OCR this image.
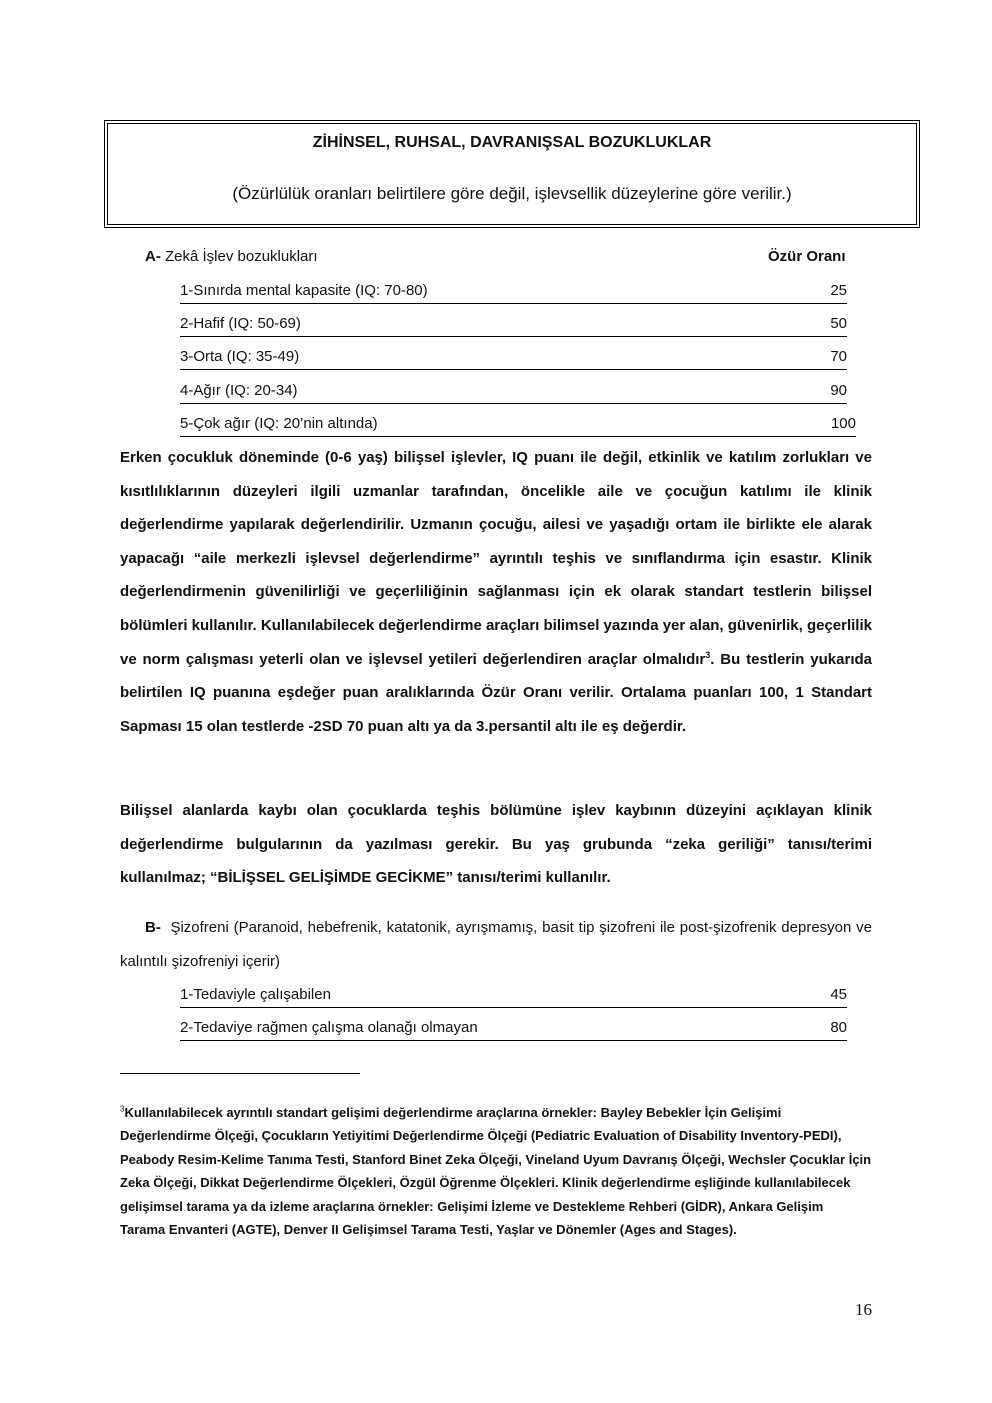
ZİHİNSEL, RUHSAL, DAVRANIŞSAL BOZUKLUKLAR
(Özürlülük oranları belirtilere göre değil, işlevsellik düzeylerine göre verilir.)
A- Zekâ İşlev bozuklukları	Özür Oranı
1-Sınırda mental kapasite (IQ: 70-80)	25
2-Hafif (IQ: 50-69)	50
3-Orta (IQ: 35-49)	70
4-Ağır (IQ: 20-34)	90
5-Çok ağır (IQ: 20’nin altında)	100
Erken çocukluk döneminde (0-6 yaş) bilişsel işlevler, IQ puanı ile değil, etkinlik ve katılım zorlukları ve kısıtlılıklarının düzeyleri ilgili uzmanlar tarafından, öncelikle aile ve çocuğun katılımı ile klinik değerlendirme yapılarak değerlendirilir. Uzmanın çocuğu, ailesi ve yaşadığı ortam ile birlikte ele alarak yapacağı “aile merkezli işlevsel değerlendirme” ayrıntılı teşhis ve sınıflandırma için esastır. Klinik değerlendirmenin güvenilirliği ve geçerliliğinin sağlanması için ek olarak standart testlerin bilişsel bölümleri kullanılır. Kullanılabilecek değerlendirme araçları bilimsel yazında yer alan, güvenirlik, geçerlilik ve norm çalışması yeterli olan ve işlevsel yetileri değerlendiren araçlar olmalıdır$^3$. Bu testlerin yukarıda belirtilen IQ puanına eşdeğer puan aralıklarında Özür Oranı verilir. Ortalama puanları 100, 1 Standart Sapması 15 olan testlerde -2SD 70 puan altı ya da 3.persantil altı ile eş değerdir.
Bilişsel alanlarda kaybı olan çocuklarda teşhis bölümüne işlev kaybının düzeyini açıklayan klinik değerlendirme bulgularının da yazılması gerekir. Bu yaş grubunda “zeka geriliği” tanısı/terimi kullanılmaz; “BİLİŞSEL GELİŞİMDE GECİKME” tanısı/terimi kullanılır.
B- Şizofreni (Paranoid, hebefrenik, katatonik, ayrışmamış, basit tip şizofreni ile post-şizofrenik depresyon ve kalıntılı şizofreniyi içerir)
1-Tedaviyle çalışabilen	45
2-Tedaviye rağmen çalışma olanağı olmayan	80
$^3$Kullanılabilecek ayrıntılı standart gelişimi değerlendirme araçlarına örnekler: Bayley Bebekler İçin Gelişimi Değerlendirme Ölçeği, Çocukların Yetiyitimi Değerlendirme Ölçeği (Pediatric Evaluation of Disability Inventory-PEDI), Peabody Resim-Kelime Tanıma Testi, Stanford Binet Zeka Ölçeği, Vineland Uyum Davranış Ölçeği, Wechsler Çocuklar İçin Zeka Ölçeği, Dikkat Değerlendirme Ölçekleri, Özgül Öğrenme Ölçekleri. Klinik değerlendirme eşliğinde kullanılabilecek gelişimsel tarama ya da izleme araçlarına örnekler: Gelişimi İzleme ve Destekleme Rehberi (GİDR), Ankara Gelişim Tarama Envanteri (AGTE), Denver II Gelişimsel Tarama Testi, Yaşlar ve Dönemler (Ages and Stages).
16
